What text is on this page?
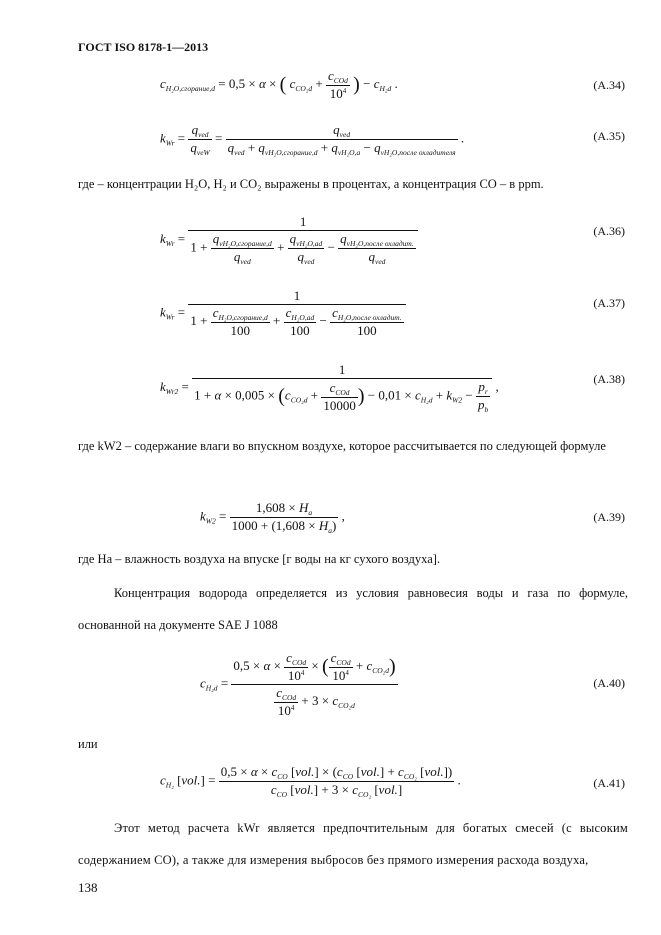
ГОСТ ISO 8178-1—2013
$c_{H_2O,сгорание,d} = 0,5 \times \alpha$ × ( $c_{CO_2d} + \frac{c_{COd}}{10^4}$ ) − $c_{H_2d}$ .	(A.34)
$k_{Wr} = \frac{q_{ved}}{q_{vеW}} = \frac{q_{ved}}{q_{ved} + q_{vH_2O,сгорание,d} + q_{vH_2O,a} - q_{vH_2O,после охладителя}}$ .	(A.35)
где – концентрации H₂O, H₂ и CO₂ выражены в процентах, а концентрация CO – в ppm.
$k_{Wr}$ =
1
$1 + \frac{q_{vH_2O,сгорание,d}}{q_{ved}} + \frac{q_{vH_2O,ad}}{q_{ved}} - \frac{q_{vH_2O,после охладит.}}{q_{ved}}$	(A.36)
$k_{Wr}$ =
1
$1 + \frac{c_{H_2O,сгорание,d}}{100} + \frac{c_{H_2O,ad}}{100} - \frac{c_{H_2O,после охладит.}}{100}$
(A.37)
$k_{Wr2}$ =
1
$1 + \alpha \times 0,005 \times (c_{CO_2d} + \frac{c_{COd}}{10000}$ ) − $0,01 \times c_{H_2d} + k_{W2} - \frac{p_r}{p_b}$ ,	(A.38)
где kW2 – содержание влаги во впускном воздухе, которое рассчитывается по следующей формуле
$k_{W2} = \frac{1,608 \times H_a}{1000 + (1,608 \times H_a)}$ ,	(A.39)
где Ha – влажность воздуха на впуске [г воды на кг сухого воздуха].
Концентрация водорода определяется из условия равновесия воды и газа по формуле, основанной на документе SAE J 1088
$c_{H_2d} = \frac{0,5 \times \alpha \times \frac{c_{COd}}{10^4} \times ( \frac{c_{COd}}{10^4} + c_{CO_2d})}{\frac{c_{COd}}{10^4} + 3 \times c_{CO_2d}}$	(A.40)
или
$c_{H_2}$ $[vol.] = \frac{0,5 \times \alpha \times c_{CO} [vol.] \times (c_{CO} [vol.] + c_{CO_2} [vol.])}{c_{CO} [vol.] + 3 \times c_{CO_2} [vol.]}$ .	(A.41)
Этот метод расчета kWr является предпочтительным для богатых смесей (с высоким содержанием CO), а также для измерения выбросов без прямого измерения расхода воздуха,
138
